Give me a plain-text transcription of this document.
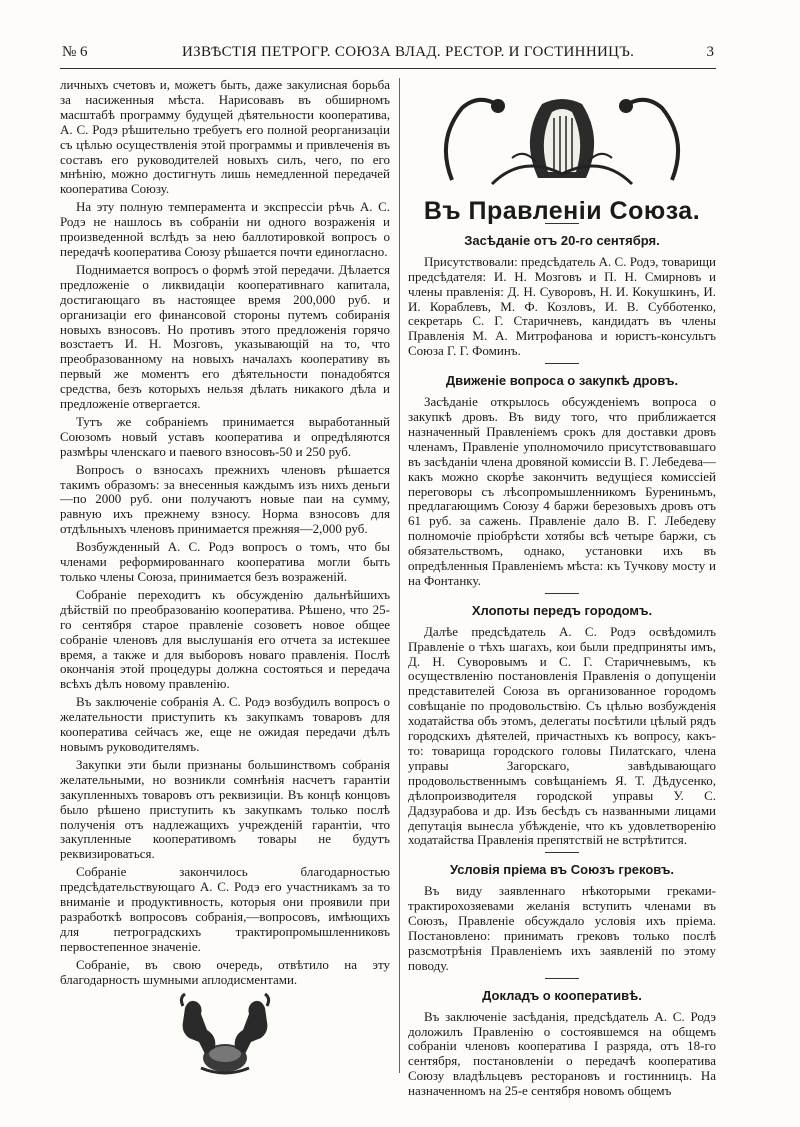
№ 6	ИЗВѢСТІЯ ПЕТРОГР. СОЮЗА ВЛАД. РЕСТОР. И ГОСТИННИЦЪ.	3

личныхъ счетовъ и, можетъ быть, даже закулисная борьба за насиженныя мѣста. Нарисовавъ въ обширномъ масштабѣ программу будущей дѣятельности кооператива, А. С. Родэ рѣшительно требуетъ его полной реорганизаціи съ цѣлью осуществленія этой программы и привлеченія въ составъ его руководителей новыхъ силъ, чего, по его мнѣнію, можно достигнуть лишь немедленной передачей кооператива Союзу.

На эту полную темперамента и экспрессіи рѣчь А. С. Родэ не нашлось въ собраніи ни одного возраженія и произведенной вслѣдъ за нею баллотировкой вопросъ о передачѣ кооператива Союзу рѣшается почти единогласно.

Поднимается вопросъ о формѣ этой передачи. Дѣлается предложеніе о ликвидаціи кооперативнаго капитала, достигающаго въ настоящее время 200,000 руб. и организаціи его финансовой стороны путемъ собиранія новыхъ взносовъ. Но противъ этого предложенія горячо возстаетъ И. Н. Мозговъ, указывающій на то, что преобразованному на новыхъ началахъ кооперативу въ первый же моментъ его дѣятельности понадобятся средства, безъ которыхъ нельзя дѣлать никакого дѣла и предложеніе отвергается.

Тутъ же собраніемъ принимается выработанный Союзомъ новый уставъ кооператива и опредѣляются размѣры членскаго и паевого взносовъ-50 и 250 руб.

Вопросъ о взносахъ прежнихъ членовъ рѣшается такимъ образомъ: за внесенныя каждымъ изъ нихъ деньги—по 2000 руб. они получаютъ новые паи на сумму, равную ихъ прежнему взносу. Норма взносовъ для отдѣльныхъ членовъ принимается прежняя—2,000 руб.

Возбужденный А. С. Родэ вопросъ о томъ, что бы членами реформированнаго кооператива могли быть только члены Союза, принимается безъ возраженій.

Собраніе переходитъ къ обсужденію дальнѣйшихъ дѣйствій по преобразованію кооператива. Рѣшено, что 25-го сентября старое правленіе созоветъ новое общее собраніе членовъ для выслушанія его отчета за истекшее время, а также и для выборовъ новаго правленія. Послѣ окончанія этой процедуры должна состояться и передача всѣхъ дѣлъ новому правленію.

Въ заключеніе собранія А. С. Родэ возбудилъ вопросъ о желательности приступить къ закупкамъ товаровъ для кооператива сейчасъ же, еще не ожидая передачи дѣлъ новымъ руководителямъ.

Закупки эти были признаны большинствомъ собранія желательными, но возникли сомнѣнія насчетъ гарантіи закупленныхъ товаровъ отъ реквизиціи. Въ концѣ концовъ было рѣшено приступить къ закупкамъ только послѣ полученія отъ надлежащихъ учрежденій гарантіи, что закупленные кооперативомъ товары не будутъ реквизироваться.

Собраніе закончилось благодарностью предсѣдательствующаго А. С. Родэ его участникамъ за то вниманіе и продуктивность, которыя они проявили при разработкѣ вопросовъ собранія,—вопросовъ, имѣющихъ для петроградскихъ трактиропромышленниковъ первостепенное значеніе.

Собраніе, въ свою очередь, отвѣтило на эту благодарность шумными аплодисментами.

Въ Правленіи Союза.
Засѣданіе отъ 20-го сентября.

Присутствовали: предсѣдатель А. С. Родэ, товарищи предсѣдателя: И. Н. Мозговъ и П. Н. Смирновъ и члены правленія: Д. Н. Суворовъ, Н. И. Кокушкинъ, И. И. Кораблевъ, М. Ф. Козловъ, И. В. Субботенко, секретарь С. Г. Старичневъ, кандидатъ въ члены Правленія М. А. Митрофанова и юристъ-консультъ Союза Г. Г. Фоминъ.

Движеніе вопроса о закупкѣ дровъ.

Засѣданіе открылось обсужденіемъ вопроса о закупкѣ дровъ. Въ виду того, что приближается назначенный Правленіемъ срокъ для доставки дровъ членамъ, Правленіе уполномочило присутствовавшаго въ засѣданіи члена дровяной комиссіи В. Г. Лебедева—какъ можно скорѣе закончить ведущіеся комиссіей переговоры съ лѣсопромышленникомъ Бурениньмъ, предлагающимъ Союзу 4 баржи березовыхъ дровъ отъ 61 руб. за сажень. Правленіе дало В. Г. Лебедеву полномочіе пріобрѣсти хотябы всѣ четыре баржи, съ обязательствомъ, однако, установки ихъ въ опредѣленныя Правленіемъ мѣста: къ Тучкову мосту и на Фонтанку.

Хлопоты передъ городомъ.

Далѣе предсѣдатель А. С. Родэ освѣдомилъ Правленіе о тѣхъ шагахъ, кои были предприняты имъ, Д. Н. Суворовымъ и С. Г. Старичневымъ, къ осуществленію постановленія Правленія о допущеніи представителей Союза въ организованное городомъ совѣщаніе по продовольствію. Съ цѣлью возбужденія ходатайства объ этомъ, делегаты посѣтили цѣлый рядъ городскихъ дѣятелей, причастныхъ къ вопросу, какъ-то: товарища городского головы Пилатскаго, члена управы Загорскаго, завѣдывающаго продовольственнымъ совѣщаніемъ Я. Т. Дѣдусенко, дѣлопроизводителя городской управы У. С. Дадзурабова и др. Изъ бесѣдъ съ названными лицами депутація вынесла убѣжденіе, что къ удовлетворенію ходатайства Правленія препятствій не встрѣтится.

Условія пріема въ Союзъ грековъ.

Въ виду заявленнаго нѣкоторыми греками-трактирохозяевами желанія вступить членами въ Союзъ, Правленіе обсуждало условія ихъ пріема. Постановлено: принимать грековъ только послѣ разсмотрѣнія Правленіемъ ихъ заявленій по этому поводу.

Докладъ о кооперативѣ.

Въ заключеніе засѣданія, предсѣдатель А. С. Родэ доложилъ Правленію о состоявшемся на общемъ собраніи членовъ кооператива I разряда, отъ 18-го сентября, постановленіи о передачѣ кооператива Союзу владѣльцевъ ресторановъ и гостинницъ. На назначенномъ на 25-е сентября новомъ общемъ
